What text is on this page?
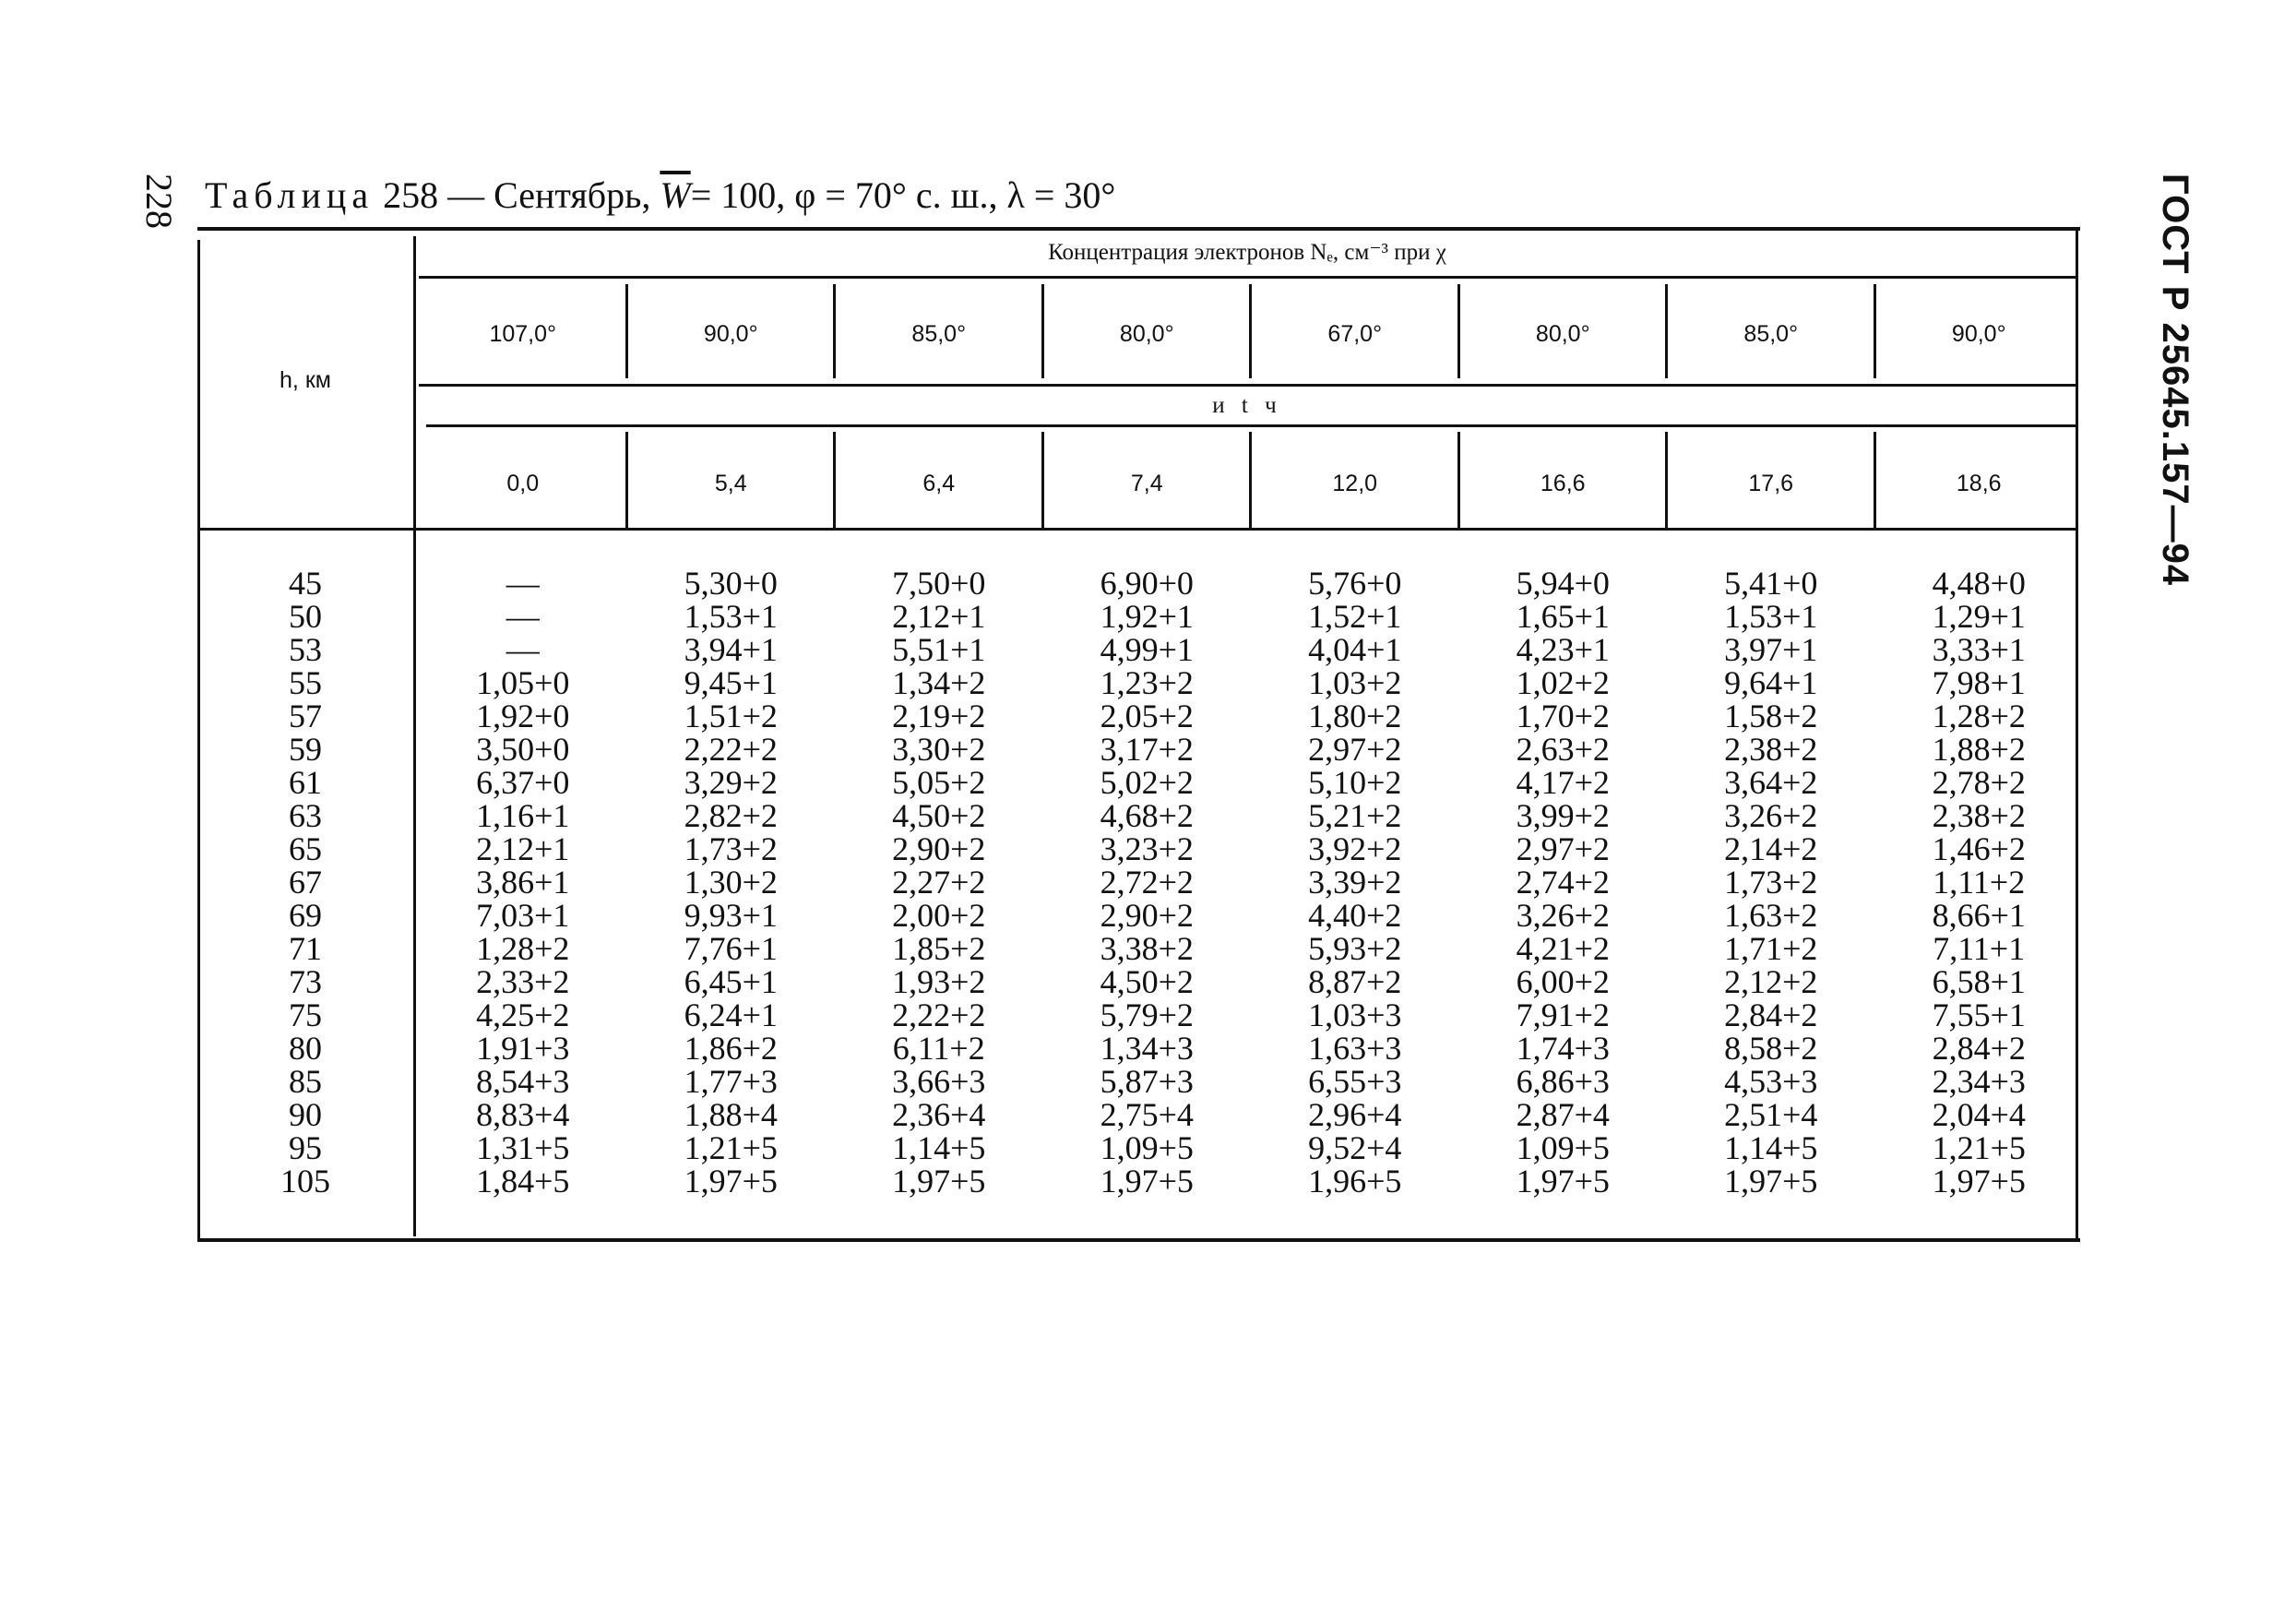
228 Таблица 258 — Сентябрь, $\overline{W}= 100$, φ = 70° с. ш., λ = 30°	ГОСТ Р 25645.157—94
h, км
Концентрация электронов Nₑ, см⁻³ при χ
и t ч
45
50
53
55
57
59
61
63
65
67
69
71
73
75
80
85
90
95
105
107,0°
0,0
90,0°
5,4
85,0°
6,4
80,0°
7,4
67,0°
12,0
80,0°
16,6
85,0°
17,6
90,0°
18,6
—
—
—
1,05+0
1,92+0
3,50+0
6,37+0
1,16+1
2,12+1
3,86+1
7,03+1
1,28+2
2,33+2
4,25+2
1,91+3
8,54+3
8,83+4
1,31+5
1,84+5
5,30+0
1,53+1
3,94+1
9,45+1
1,51+2
2,22+2
3,29+2
2,82+2
1,73+2
1,30+2
9,93+1
7,76+1
6,45+1
6,24+1
1,86+2
1,77+3
1,88+4
1,21+5
1,97+5
7,50+0
2,12+1
5,51+1
1,34+2
2,19+2
3,30+2
5,05+2
4,50+2
2,90+2
2,27+2
2,00+2
1,85+2
1,93+2
2,22+2
6,11+2
3,66+3
2,36+4
1,14+5
1,97+5
6,90+0
1,92+1
4,99+1
1,23+2
2,05+2
3,17+2
5,02+2
4,68+2
3,23+2
2,72+2
2,90+2
3,38+2
4,50+2
5,79+2
1,34+3
5,87+3
2,75+4
1,09+5
1,97+5
5,76+0
1,52+1
4,04+1
1,03+2
1,80+2
2,97+2
5,10+2
5,21+2
3,92+2
3,39+2
4,40+2
5,93+2
8,87+2
1,03+3
1,63+3
6,55+3
2,96+4
9,52+4
1,96+5
5,94+0
1,65+1
4,23+1
1,02+2
1,70+2
2,63+2
4,17+2
3,99+2
2,97+2
2,74+2
3,26+2
4,21+2
6,00+2
7,91+2
1,74+3
6,86+3
2,87+4
1,09+5
1,97+5
5,41+0
1,53+1
3,97+1
9,64+1
1,58+2
2,38+2
3,64+2
3,26+2
2,14+2
1,73+2
1,63+2
1,71+2
2,12+2
2,84+2
8,58+2
4,53+3
2,51+4
1,14+5
1,97+5
4,48+0
1,29+1
3,33+1
7,98+1
1,28+2
1,88+2
2,78+2
2,38+2
1,46+2
1,11+2
8,66+1
7,11+1
6,58+1
7,55+1
2,84+2
2,34+3
2,04+4
1,21+5
1,97+5
